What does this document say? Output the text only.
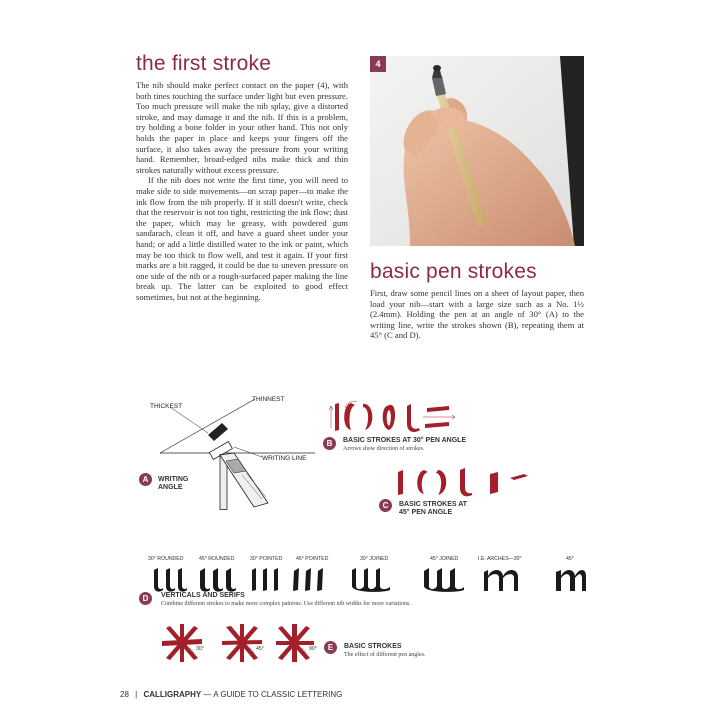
the first stroke

The nib should make perfect contact on the paper (4), with both tines touching the surface under light but even pressure. Too much pressure will make the nib splay, give a distorted stroke, and may damage it and the nib. If this is a problem, try holding a bone folder in your other hand. This not only holds the paper in place and keeps your fingers off the surface, it also takes away the pressure from your writing hand. Remember, broad-edged nibs make thick and thin strokes naturally without excess pressure.

If the nib does not write the first time, you will need to make side to side movements—on scrap paper—to make the ink flow from the nib properly. If it still doesn't write, check that the reservoir is not too tight, restricting the ink flow; dust the paper, which may be greasy, with powdered gum sandarach, clean it off, and have a guard sheet under your hand; or add a little distilled water to the ink or paint, which may be too thick to flow well, and test it again. If your first marks are a bit ragged, it could be due to uneven pressure on one side of the nib or a rough-surfaced paper making the line break up. The latter can be exploited to good effect sometimes, but not at the beginning.

4
basic pen strokes

First, draw some pencil lines on a sheet of layout paper, then load your nib—start with a large size such as a No. 1½ (2.4mm). Holding the pen at an angle of 30° (A) to the writing line, write the strokes shown (B), repeating them at 45° (C and D).

THICKEST
THINNEST
WRITING LINE
A	WRITING
ANGLE
B	BASIC STROKES AT 30° PEN ANGLE
Arrows show direction of strokes.
C	BASIC STROKES AT
45° PEN ANGLE
30° ROUNDED	45° ROUNDED	30° POINTED	45° POINTED	30° JOINED	45° JOINED	I.E. ARCHES—30°	45°
D	VERTICALS AND SERIFS
Combine different strokes to make more complex patterns. Use different nib widths for more variations.
30°	45°	90°	E	BASIC STROKES
The effect of different pen angles.
28 | CALLIGRAPHY — A GUIDE TO CLASSIC LETTERING
